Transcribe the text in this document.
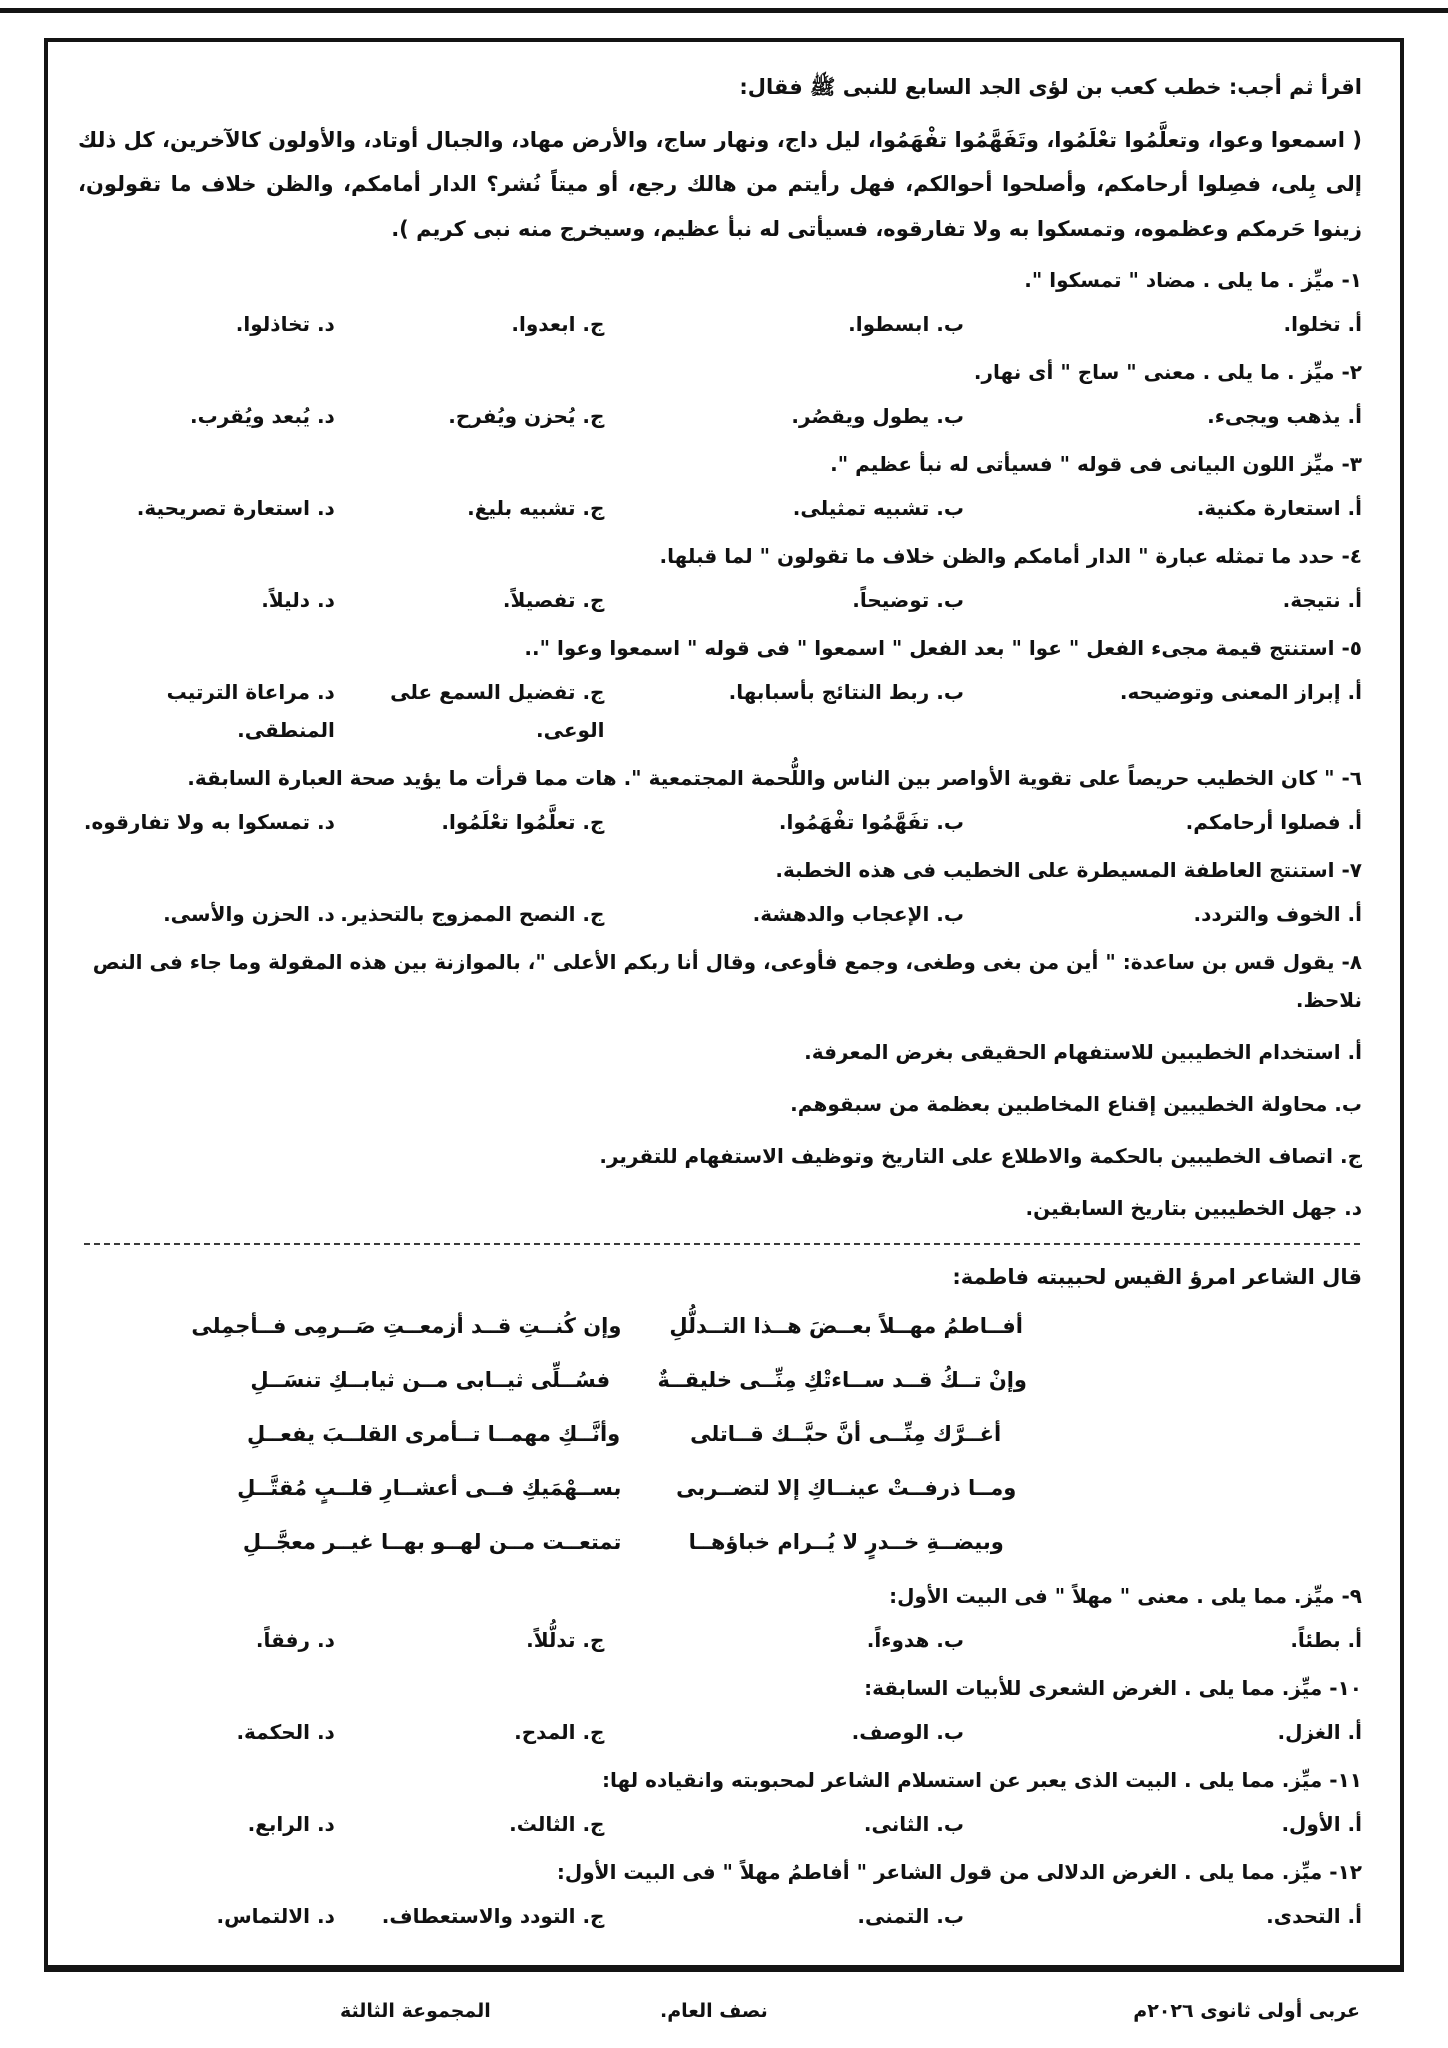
اقرأ ثم أجب: خطب كعب بن لؤى الجد السابع للنبى ﷺ فقال:

( اسمعوا وعوا، وتعلَّمُوا تعْلَمُوا، وتَفَهَّمُوا تفْهَمُوا، ليل داج، ونهار ساج، والأرض مهاد، والجبال أوتاد، والأولون كالآخرين، كل ذلك إلى بِلى، فصِلوا أرحامكم، وأصلحوا أحوالكم، فهل رأيتم من هالك رجع، أو ميتاً نُشر؟ الدار أمامكم، والظن خلاف ما تقولون، زينوا حَرمكم وعظموه، وتمسكوا به ولا تفارقوه، فسيأتى له نبأ عظيم، وسيخرج منه نبى كريم ).

١- ميِّز . ما يلى . مضاد " تمسكوا ".
أ. تخلوا.
ب. ابسطوا.
ج. ابعدوا.
د. تخاذلوا.
٢- ميِّز . ما يلى . معنى " ساج " أى نهار.
أ. يذهب ويجىء.
ب. يطول ويقصُر.
ج. يُحزن ويُفرح.
د. يُبعد ويُقرب.
٣- ميِّز اللون البيانى فى قوله " فسيأتى له نبأ عظيم ".
أ. استعارة مكنية.
ب. تشبيه تمثيلى.
ج. تشبيه بليغ.
د. استعارة تصريحية.
٤- حدد ما تمثله عبارة " الدار أمامكم والظن خلاف ما تقولون " لما قبلها.
أ. نتيجة.
ب. توضيحاً.
ج. تفصيلاً.
د. دليلاً.
٥- استنتج قيمة مجىء الفعل " عوا " بعد الفعل " اسمعوا " فى قوله " اسمعوا وعوا "..
أ. إبراز المعنى وتوضيحه.
ب. ربط النتائج بأسبابها.
ج. تفضيل السمع على الوعى.
د. مراعاة الترتيب المنطقى.
٦- " كان الخطيب حريصاً على تقوية الأواصر بين الناس واللُّحمة المجتمعية ". هات مما قرأت ما يؤيد صحة العبارة السابقة.
أ. فصلوا أرحامكم.
ب. تفَهَّمُوا تفْهَمُوا.
ج. تعلَّمُوا تعْلَمُوا.
د. تمسكوا به ولا تفارقوه.
٧- استنتج العاطفة المسيطرة على الخطيب فى هذه الخطبة.
أ. الخوف والتردد.
ب. الإعجاب والدهشة.
ج. النصح الممزوج بالتحذير.
د. الحزن والأسى.
٨- يقول قس بن ساعدة: " أين من بغى وطغى، وجمع فأوعى، وقال أنا ربكم الأعلى "، بالموازنة بين هذه المقولة وما جاء فى النص نلاحظ.
أ. استخدام الخطيبين للاستفهام الحقيقى بغرض المعرفة.
ب. محاولة الخطيبين إقناع المخاطبين بعظمة من سبقوهم.
ج. اتصاف الخطيبين بالحكمة والاطلاع على التاريخ وتوظيف الاستفهام للتقرير.
د. جهل الخطيبين بتاريخ السابقين.

قال الشاعر امرؤ القيس لحبيبته فاطمة:

أفــاطمُ مهــلاً بعــضَ هــذا التــدلُّلِ
وإن كُنــتِ قــد أزمعــتِ صَــرمِى فــأجمِلى
وإنْ تــكُ قــد ســاءتْكِ مِنِّــى خليقــةٌ
فسُــلِّى ثيــابى مــن ثيابــكِ تنسَــلِ
أغــرَّك مِنِّــى أنَّ حبَّــك قــاتلى
وأنَّــكِ مهمــا تــأمرى القلــبَ يفعــلِ
ومــا ذرفــتْ عينــاكِ إلا لتضــربى
بســهْمَيكِ فــى أعشــارِ قلــبٍ مُقتَّــلِ
وبيضــةِ خــدرٍ لا يُــرام خباؤهــا
تمتعــت مــن لهــو بهــا غيــر معجَّــلِ
٩- ميِّز. مما يلى . معنى " مهلاً " فى البيت الأول:
أ. بطئاً.
ب. هدوءاً.
ج. تدلُّلاً.
د. رفقاً.
١٠- ميِّز. مما يلى . الغرض الشعرى للأبيات السابقة:
أ. الغزل.
ب. الوصف.
ج. المدح.
د. الحكمة.
١١- ميِّز. مما يلى . البيت الذى يعبر عن استسلام الشاعر لمحبوبته وانقياده لها:
أ. الأول.
ب. الثانى.
ج. الثالث.
د. الرابع.
١٢- ميِّز. مما يلى . الغرض الدلالى من قول الشاعر " أفاطمُ مهلاً " فى البيت الأول:
أ. التحدى.
ب. التمنى.
ج. التودد والاستعطاف.
د. الالتماس.
عربى أولى ثانوى ٢٠٢٦م
نصف العام.
المجموعة الثالثة
